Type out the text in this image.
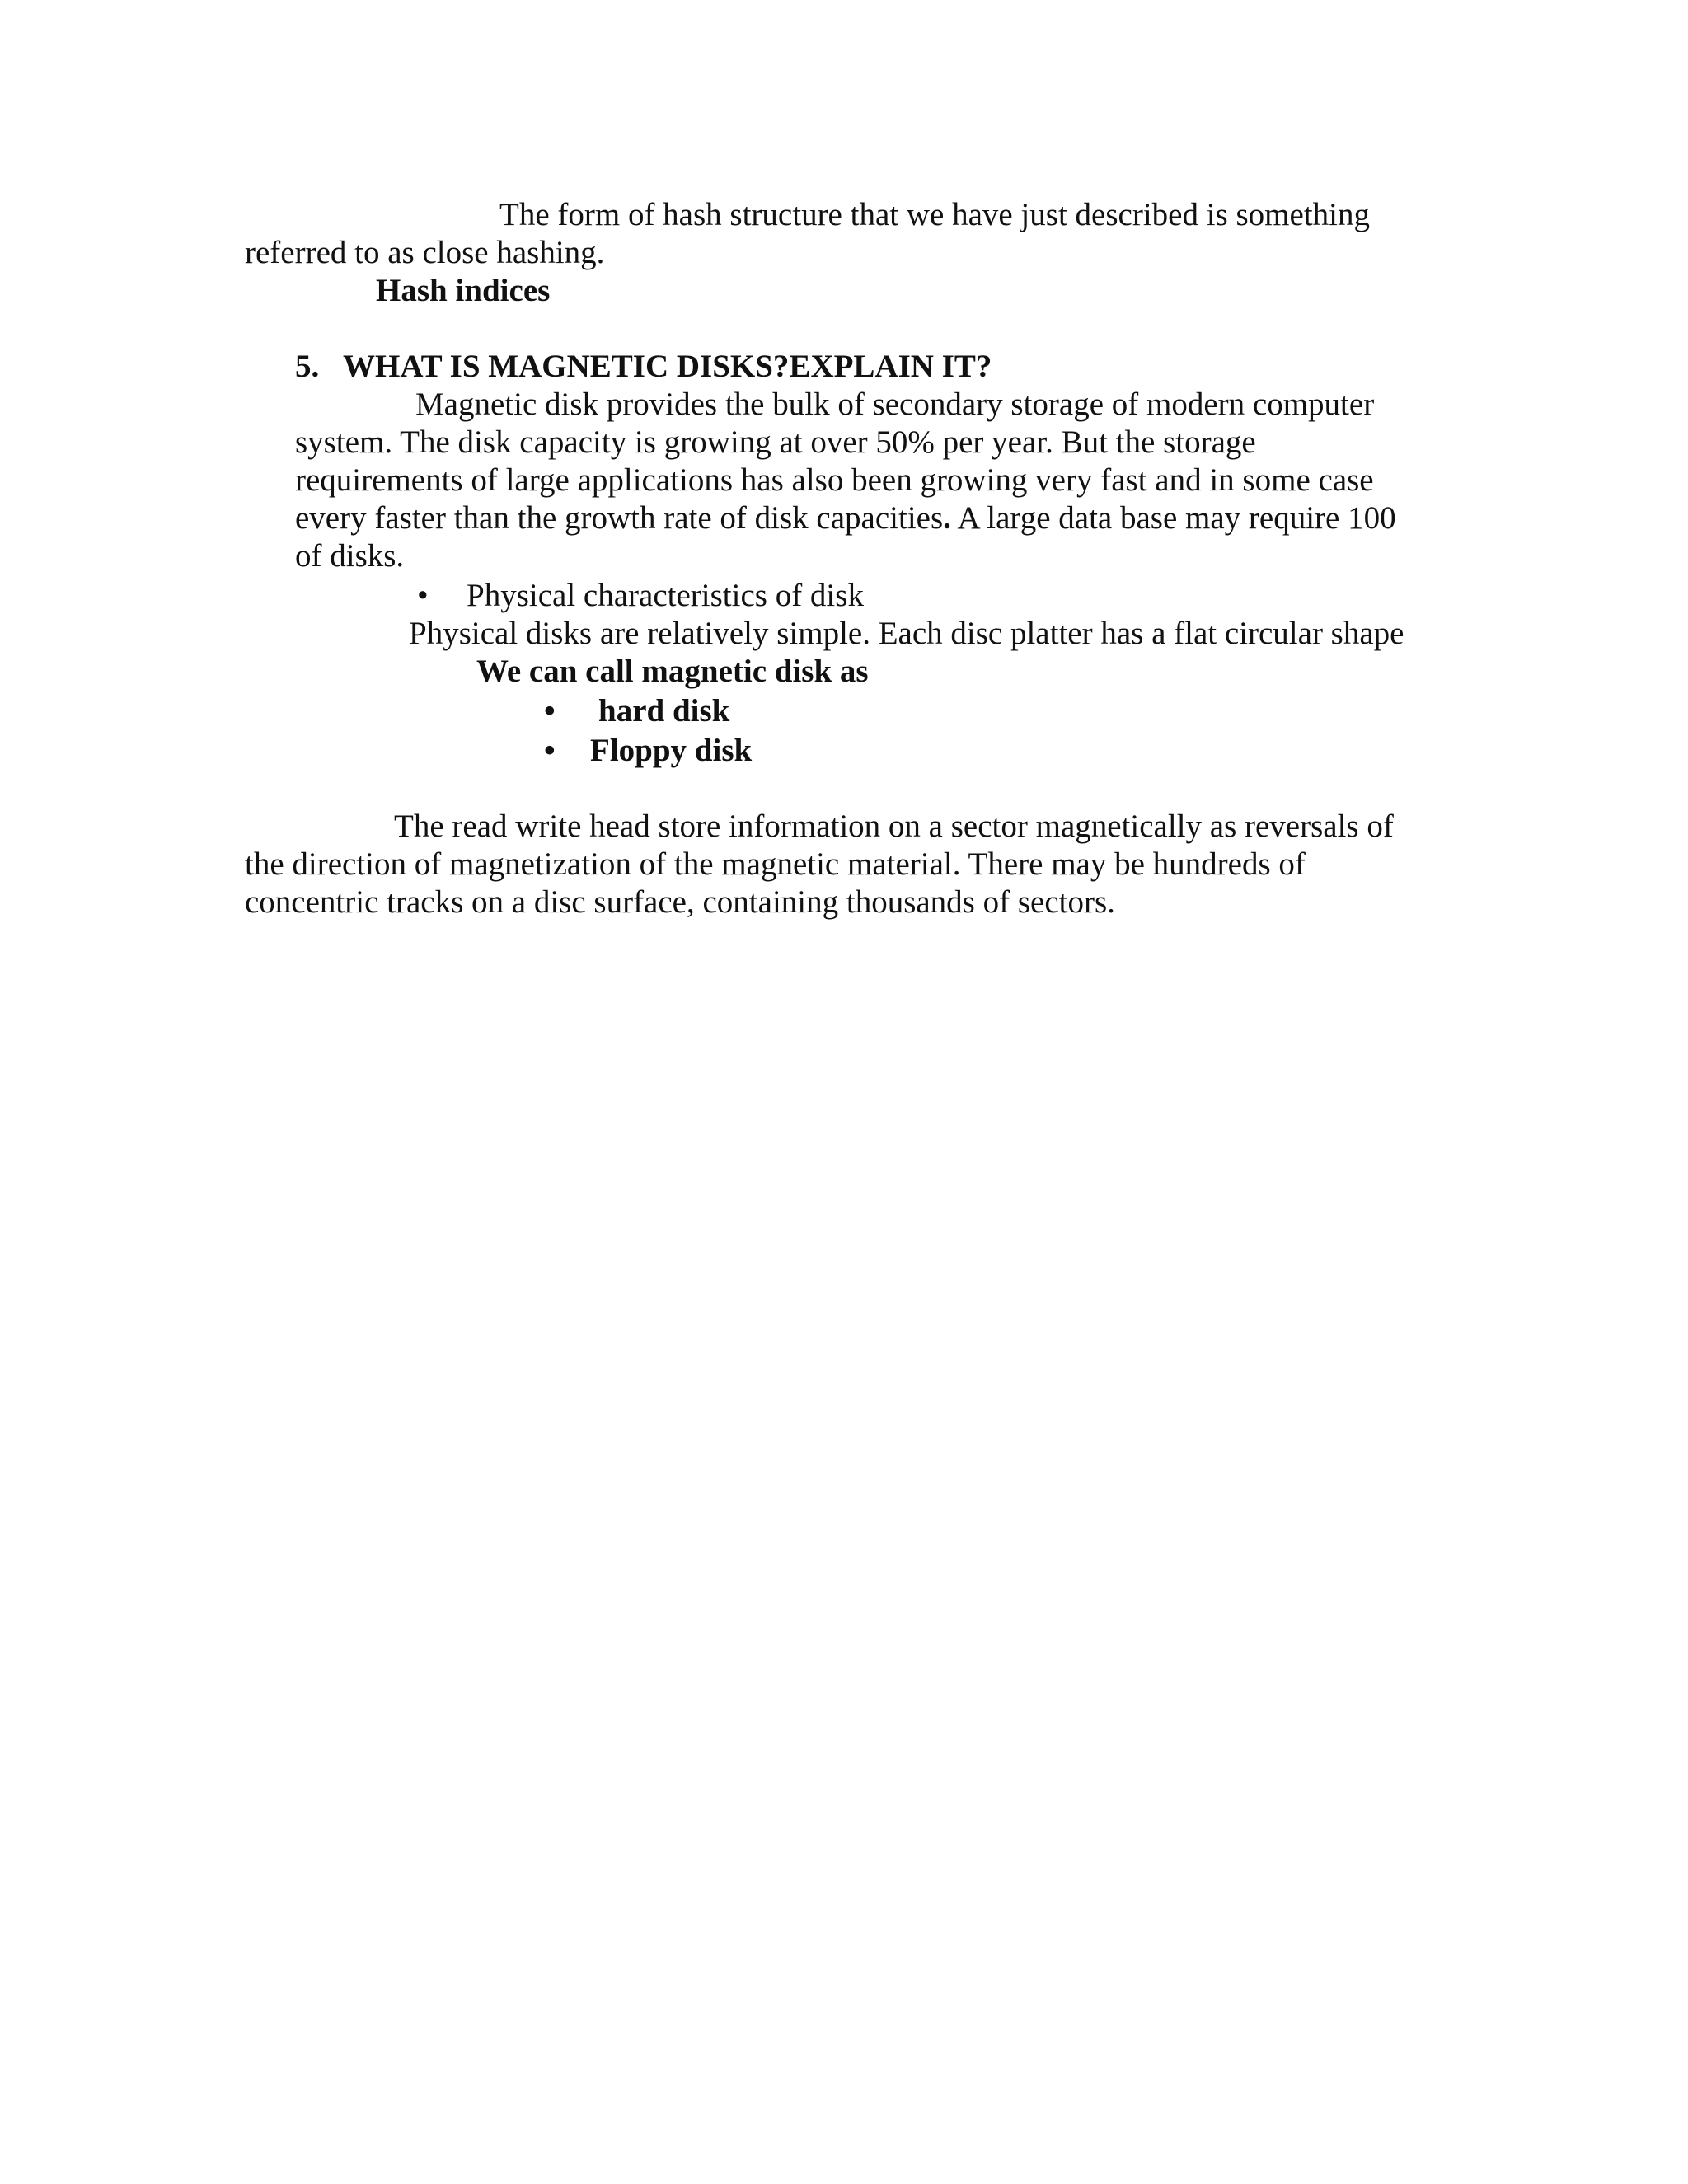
The form of hash structure that we have just described is something
referred to as close hashing.
Hash indices
5. WHAT IS MAGNETIC DISKS?EXPLAIN IT?
Magnetic disk provides the bulk of secondary storage of modern computer
system. The disk capacity is growing at over 50% per year. But the storage
requirements of large applications has also been growing very fast and in some case
every faster than the growth rate of disk capacities. A large data base may require 100
of disks.
• Physical characteristics of disk
Physical disks are relatively simple. Each disc platter has a flat circular shape
We can call magnetic disk as
• hard disk
• Floppy disk
The read write head store information on a sector magnetically as reversals of
the direction of magnetization of the magnetic material. There may be hundreds of
concentric tracks on a disc surface, containing thousands of sectors.
